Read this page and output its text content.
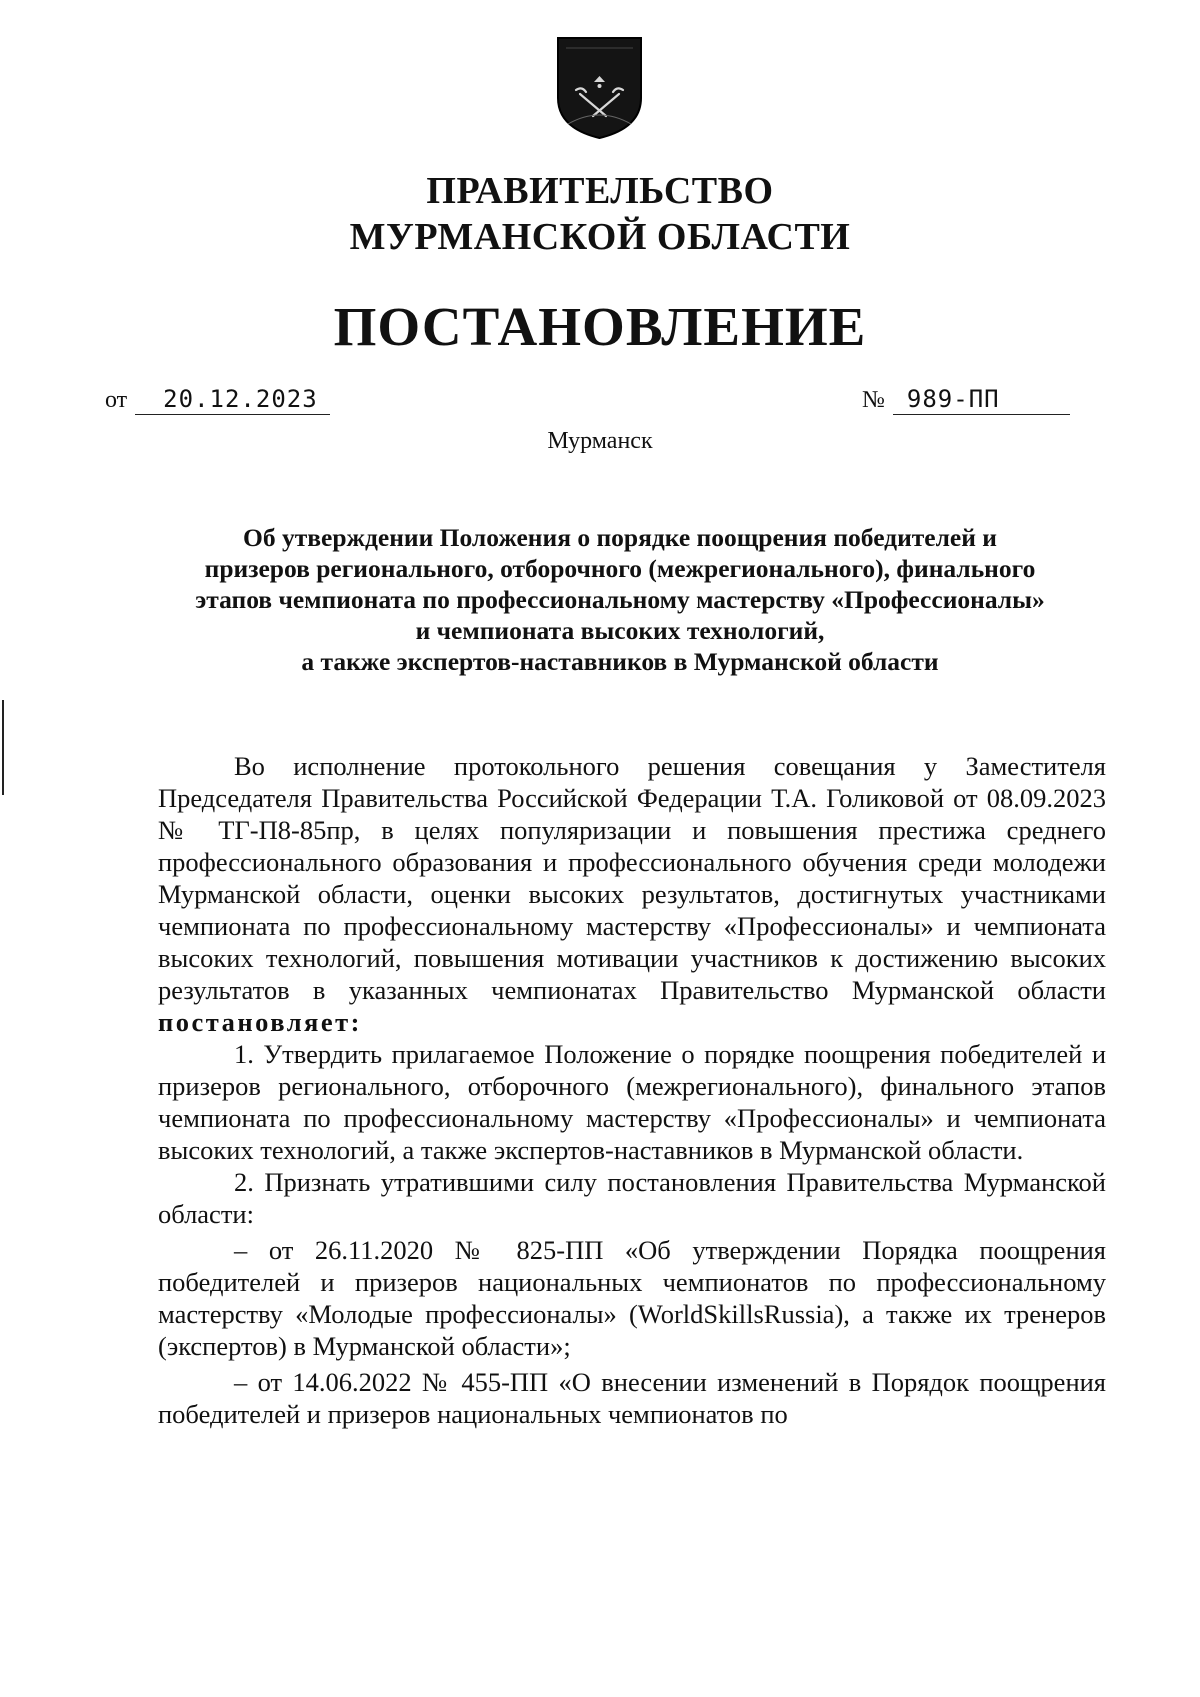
ПРАВИТЕЛЬСТВО
МУРМАНСКОЙ ОБЛАСТИ
ПОСТАНОВЛЕНИЕ
от	20.12.2023	№ 989-ПП
Мурманск
Об утверждении Положения о порядке поощрения победителей и
призеров регионального, отборочного (межрегионального), финального
этапов чемпионата по профессиональному мастерству «Профессионалы»
и чемпионата высоких технологий,
а также экспертов-наставников в Мурманской области

Во исполнение протокольного решения совещания у Заместителя Председателя Правительства Российской Федерации Т.А. Голиковой от 08.09.2023 № ТГ-П8-85пр, в целях популяризации и повышения престижа среднего профессионального образования и профессионального обучения среди молодежи Мурманской области, оценки высоких результатов, достигнутых участниками чемпионата по профессиональному мастерству «Профессионалы» и чемпионата высоких технологий, повышения мотивации участников к достижению высоких результатов в указанных чемпионатах Правительство Мурманской области постановляет:

1. Утвердить прилагаемое Положение о порядке поощрения победителей и призеров регионального, отборочного (межрегионального), финального этапов чемпионата по профессиональному мастерству «Профессионалы» и чемпионата высоких технологий, а также экспертов-наставников в Мурманской области.

2. Признать утратившими силу постановления Правительства Мурманской области:

– от 26.11.2020 № 825-ПП «Об утверждении Порядка поощрения победителей и призеров национальных чемпионатов по профессиональному мастерству «Молодые профессионалы» (WorldSkillsRussia), а также их тренеров (экспертов) в Мурманской области»;

– от 14.06.2022 № 455-ПП «О внесении изменений в Порядок поощрения победителей и призеров национальных чемпионатов по
